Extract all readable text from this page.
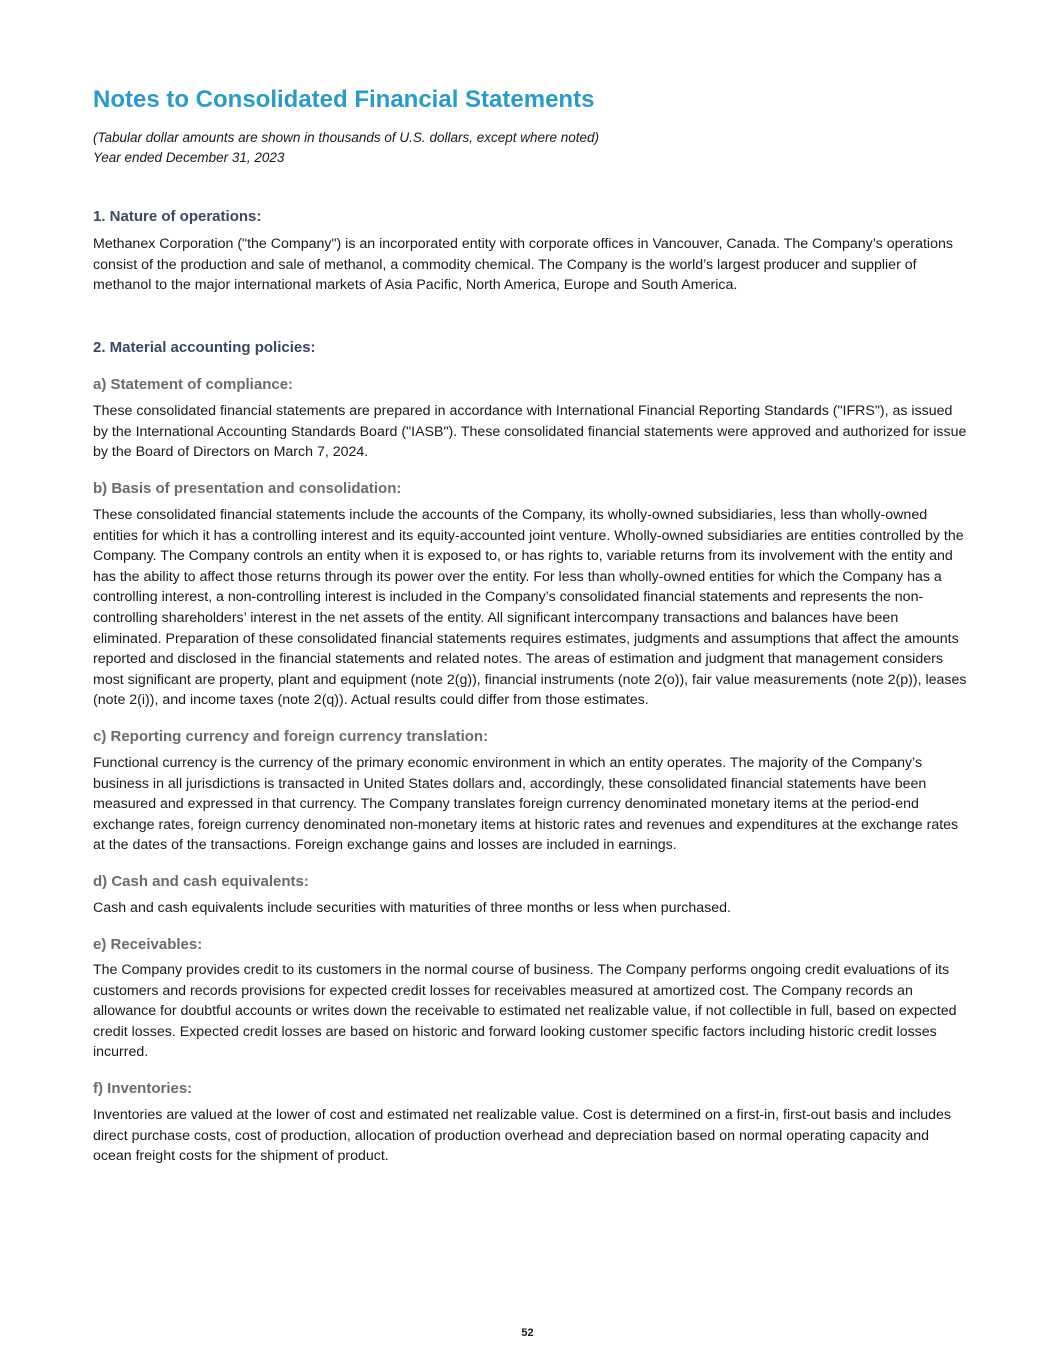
Notes to Consolidated Financial Statements

(Tabular dollar amounts are shown in thousands of U.S. dollars, except where noted)
Year ended December 31, 2023

1. Nature of operations:

Methanex Corporation ("the Company") is an incorporated entity with corporate offices in Vancouver, Canada. The Company’s operations consist of the production and sale of methanol, a commodity chemical. The Company is the world’s largest producer and supplier of methanol to the major international markets of Asia Pacific, North America, Europe and South America.

2. Material accounting policies:
a) Statement of compliance:

These consolidated financial statements are prepared in accordance with International Financial Reporting Standards ("IFRS"), as issued by the International Accounting Standards Board ("IASB"). These consolidated financial statements were approved and authorized for issue by the Board of Directors on March 7, 2024.

b) Basis of presentation and consolidation:

These consolidated financial statements include the accounts of the Company, its wholly-owned subsidiaries, less than wholly-owned entities for which it has a controlling interest and its equity-accounted joint venture. Wholly-owned subsidiaries are entities controlled by the Company. The Company controls an entity when it is exposed to, or has rights to, variable returns from its involvement with the entity and has the ability to affect those returns through its power over the entity. For less than wholly-owned entities for which the Company has a controlling interest, a non-controlling interest is included in the Company’s consolidated financial statements and represents the non-controlling shareholders’ interest in the net assets of the entity. All significant intercompany transactions and balances have been eliminated. Preparation of these consolidated financial statements requires estimates, judgments and assumptions that affect the amounts reported and disclosed in the financial statements and related notes. The areas of estimation and judgment that management considers most significant are property, plant and equipment (note 2(g)), financial instruments (note 2(o)), fair value measurements (note 2(p)), leases (note 2(i)), and income taxes (note 2(q)). Actual results could differ from those estimates.

c) Reporting currency and foreign currency translation:

Functional currency is the currency of the primary economic environment in which an entity operates. The majority of the Company’s business in all jurisdictions is transacted in United States dollars and, accordingly, these consolidated financial statements have been measured and expressed in that currency. The Company translates foreign currency denominated monetary items at the period-end exchange rates, foreign currency denominated non-monetary items at historic rates and revenues and expenditures at the exchange rates at the dates of the transactions. Foreign exchange gains and losses are included in earnings.

d) Cash and cash equivalents:

Cash and cash equivalents include securities with maturities of three months or less when purchased.

e) Receivables:

The Company provides credit to its customers in the normal course of business. The Company performs ongoing credit evaluations of its customers and records provisions for expected credit losses for receivables measured at amortized cost. The Company records an allowance for doubtful accounts or writes down the receivable to estimated net realizable value, if not collectible in full, based on expected credit losses. Expected credit losses are based on historic and forward looking customer specific factors including historic credit losses incurred.

f) Inventories:

Inventories are valued at the lower of cost and estimated net realizable value. Cost is determined on a first-in, first-out basis and includes direct purchase costs, cost of production, allocation of production overhead and depreciation based on normal operating capacity and ocean freight costs for the shipment of product.

52
